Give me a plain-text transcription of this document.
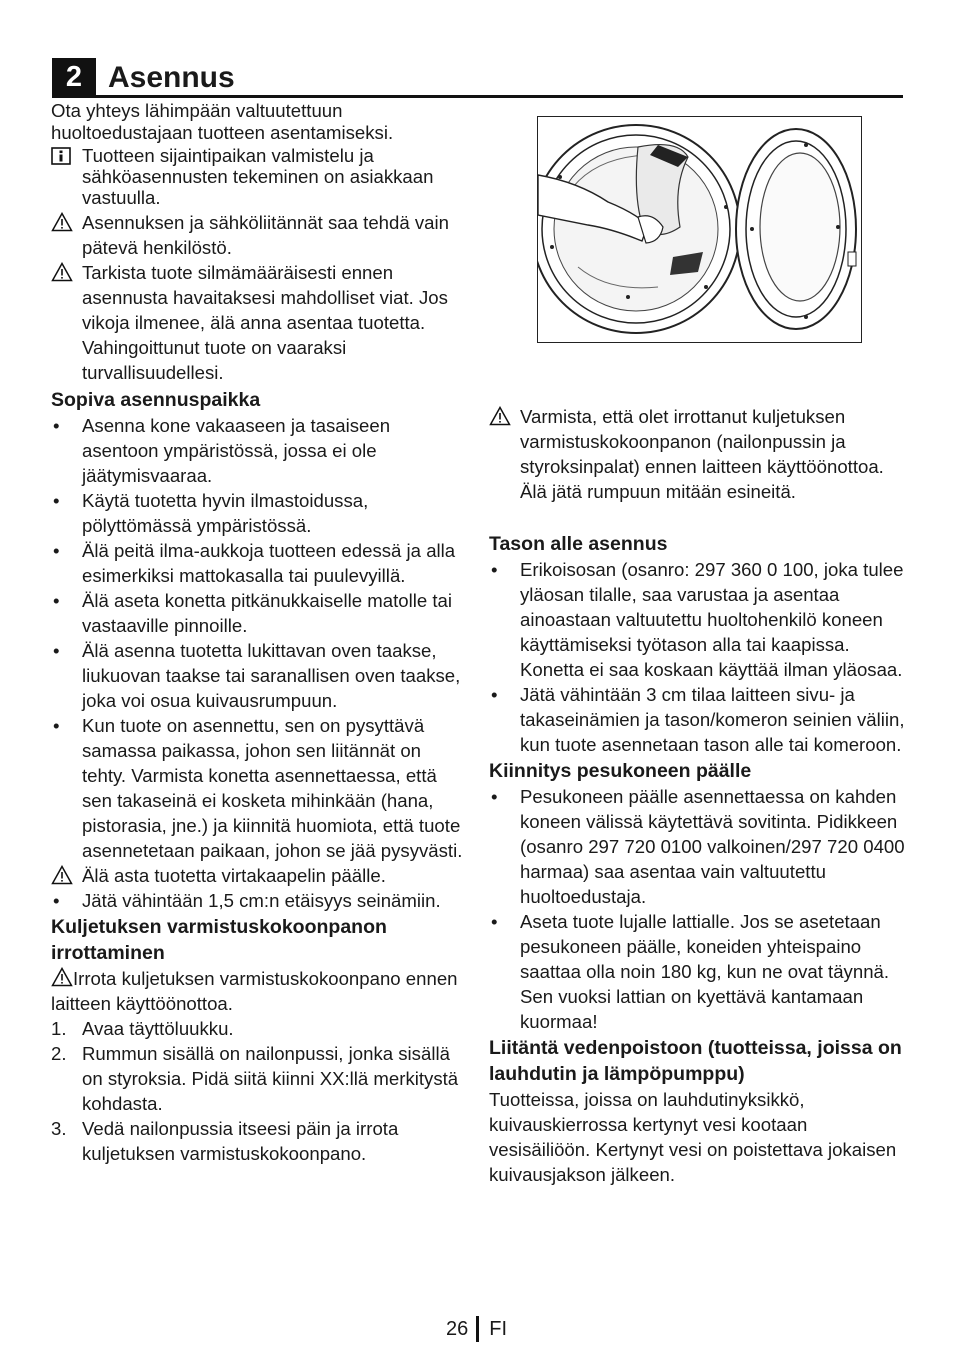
2 Asennus

Ota yhteys lähimpään valtuutettuun huoltoedustajaan tuotteen asentamiseksi.

Tuotteen sijaintipaikan valmistelu ja sähköasennusten tekeminen on asiakkaan vastuulla.
Asennuksen ja sähköliitännät saa tehdä vain pätevä henkilöstö.
Tarkista tuote silmämääräisesti ennen asennusta havaitaksesi mahdolliset viat. Jos vikoja ilmenee, älä anna asentaa tuotetta. Vahingoittunut tuote on vaaraksi turvallisuudellesi.

Sopiva asennuspaikka

•	Asenna kone vakaaseen ja tasaiseen asentoon ympäristössä, jossa ei ole jäätymisvaaraa.
•	Käytä tuotetta hyvin ilmastoidussa, pölyttömässä ympäristössä.
•	Älä peitä ilma-aukkoja tuotteen edessä ja alla esimerkiksi mattokasalla tai puulevyillä.
•	Älä aseta konetta pitkänukkaiselle matolle tai vastaaville pinnoille.
•	Älä asenna tuotetta lukittavan oven taakse, liukuovan taakse tai saranallisen oven taakse, joka voi osua kuivausrumpuun.
•	Kun tuote on asennettu, sen on pysyttävä samassa paikassa, johon sen liitännät on tehty. Varmista konetta asennettaessa, että sen takaseinä ei kosketa mihinkään (hana, pistorasia, jne.) ja kiinnitä huomiota, että tuote asennetetaan paikaan, johon se jää pysyvästi.
Älä asta tuotetta virtakaapelin päälle.
•	Jätä vähintään 1,5 cm:n etäisyys seinämiin.

Kuljetuksen varmistuskokoonpanon irrottaminen

Irrota kuljetuksen varmistuskokoonpano ennen laitteen käyttöönottoa.
1. Avaa täyttöluukku.
2. Rummun sisällä on nailonpussi, jonka sisällä on styroksia. Pidä siitä kiinni XX:llä merkitystä kohdasta.
3. Vedä nailonpussia itseesi päin ja irrota kuljetuksen varmistuskokoonpano.
Varmista, että olet irrottanut kuljetuksen varmistuskokoonpanon (nailonpussin ja styroksinpalat) ennen laitteen käyttöönottoa. Älä jätä rumpuun mitään esineitä.

Tason alle asennus

•	Erikoisosan (osanro: 297 360 0 100, joka tulee yläosan tilalle, saa varustaa ja asentaa ainoastaan valtuutettu huoltohenkilö koneen käyttämiseksi työtason alla tai kaapissa. Konetta ei saa koskaan käyttää ilman yläosaa.
•	Jätä vähintään 3 cm tilaa laitteen sivu- ja takaseinämien ja tason/komeron seinien väliin, kun tuote asennetaan tason alle tai komeroon.

Kiinnitys pesukoneen päälle

•	Pesukoneen päälle asennettaessa on kahden koneen välissä käytettävä sovitinta. Pidikkeen (osanro 297 720 0100 valkoinen/297 720 0400 harmaa) saa asentaa vain valtuutettu huoltoedustaja.
•	Aseta tuote lujalle lattialle. Jos se asetetaan pesukoneen päälle, koneiden yhteispaino saattaa olla noin 180 kg, kun ne ovat täynnä. Sen vuoksi lattian on kyettävä kantamaan kuormaa!

Liitäntä vedenpoistoon (tuotteissa, joissa on lauhdutin ja lämpöpumppu)

Tuotteissa, joissa on lauhdutinyksikkö, kuivauskierrossa kertynyt vesi kootaan vesisäiliöön. Kertynyt vesi on poistettava jokaisen kuivausjakson jälkeen.

26 FI
